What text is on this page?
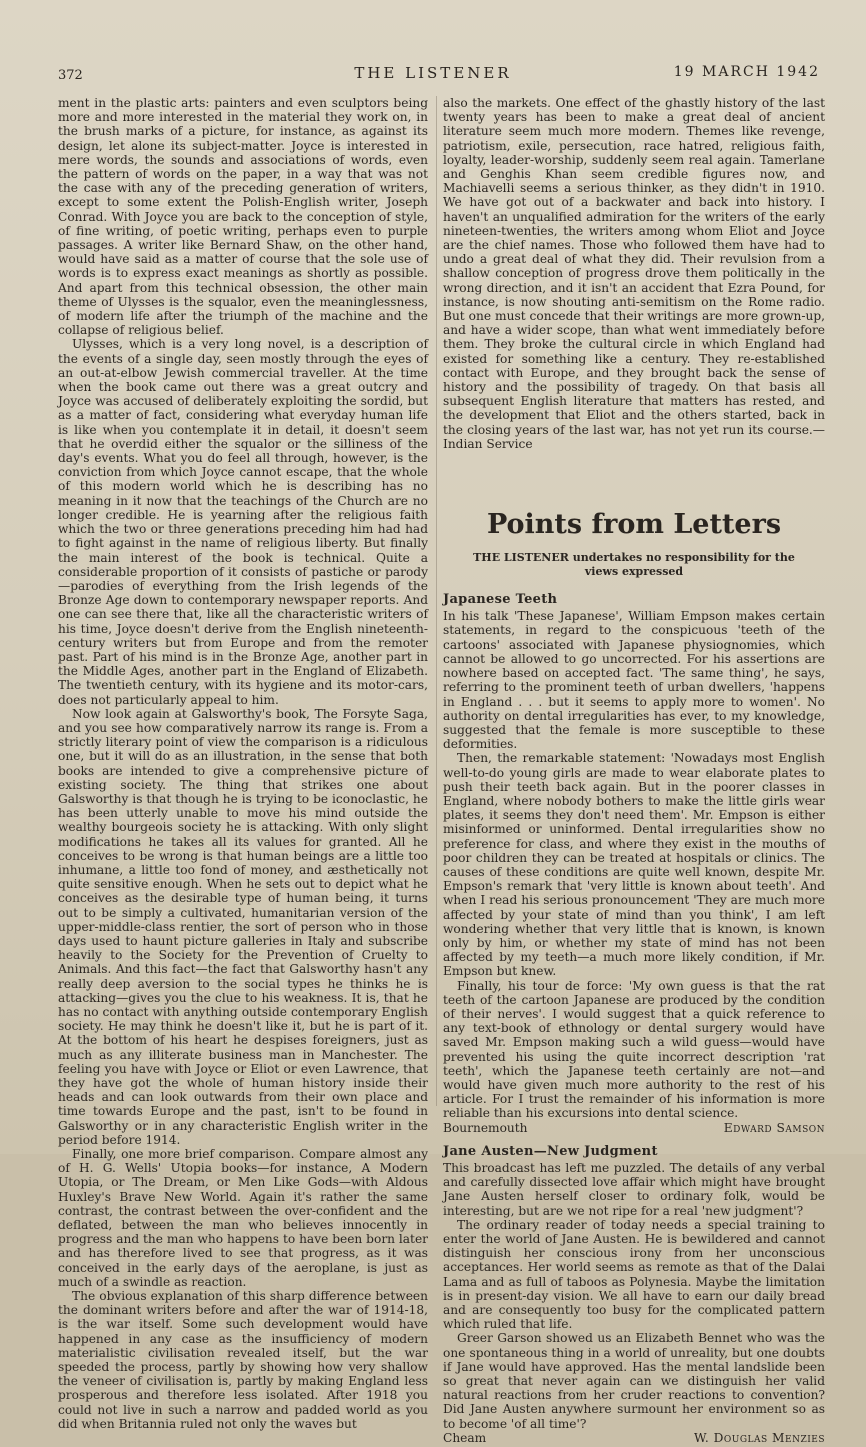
372	THE LISTENER	19 MARCH 1942

ment in the plastic arts: painters and even sculptors being more and more interested in the material they work on, in the brush marks of a picture, for instance, as against its design, let alone its subject-matter. Joyce is interested in mere words, the sounds and associations of words, even the pattern of words on the paper, in a way that was not the case with any of the preceding generation of writers, except to some extent the Polish-English writer, Joseph Conrad. With Joyce you are back to the conception of style, of fine writing, of poetic writing, perhaps even to purple passages. A writer like Bernard Shaw, on the other hand, would have said as a matter of course that the sole use of words is to express exact meanings as shortly as possible. And apart from this technical obsession, the other main theme of Ulysses is the squalor, even the meaninglessness, of modern life after the triumph of the machine and the collapse of religious belief.

Ulysses, which is a very long novel, is a description of the events of a single day, seen mostly through the eyes of an out-at-elbow Jewish commercial traveller. At the time when the book came out there was a great outcry and Joyce was accused of deliberately exploiting the sordid, but as a matter of fact, considering what everyday human life is like when you contemplate it in detail, it doesn't seem that he overdid either the squalor or the silliness of the day's events. What you do feel all through, however, is the conviction from which Joyce cannot escape, that the whole of this modern world which he is describing has no meaning in it now that the teachings of the Church are no longer credible. He is yearning after the religious faith which the two or three generations preceding him had had to fight against in the name of religious liberty. But finally the main interest of the book is technical. Quite a considerable proportion of it consists of pastiche or parody—parodies of everything from the Irish legends of the Bronze Age down to contemporary newspaper reports. And one can see there that, like all the characteristic writers of his time, Joyce doesn't derive from the English nineteenth-century writers but from Europe and from the remoter past. Part of his mind is in the Bronze Age, another part in the Middle Ages, another part in the England of Elizabeth. The twentieth century, with its hygiene and its motor-cars, does not particularly appeal to him.

Now look again at Galsworthy's book, The Forsyte Saga, and you see how comparatively narrow its range is. From a strictly literary point of view the comparison is a ridiculous one, but it will do as an illustration, in the sense that both books are intended to give a comprehensive picture of existing society. The thing that strikes one about Galsworthy is that though he is trying to be iconoclastic, he has been utterly unable to move his mind outside the wealthy bourgeois society he is attacking. With only slight modifications he takes all its values for granted. All he conceives to be wrong is that human beings are a little too inhumane, a little too fond of money, and æsthetically not quite sensitive enough. When he sets out to depict what he conceives as the desirable type of human being, it turns out to be simply a cultivated, humanitarian version of the upper-middle-class rentier, the sort of person who in those days used to haunt picture galleries in Italy and subscribe heavily to the Society for the Prevention of Cruelty to Animals. And this fact—the fact that Galsworthy hasn't any really deep aversion to the social types he thinks he is attacking—gives you the clue to his weakness. It is, that he has no contact with anything outside contemporary English society. He may think he doesn't like it, but he is part of it. At the bottom of his heart he despises foreigners, just as much as any illiterate business man in Manchester. The feeling you have with Joyce or Eliot or even Lawrence, that they have got the whole of human history inside their heads and can look outwards from their own place and time towards Europe and the past, isn't to be found in Galsworthy or in any characteristic English writer in the period before 1914.

Finally, one more brief comparison. Compare almost any of H. G. Wells' Utopia books—for instance, A Modern Utopia, or The Dream, or Men Like Gods—with Aldous Huxley's Brave New World. Again it's rather the same contrast, the contrast between the over-confident and the deflated, between the man who believes innocently in progress and the man who happens to have been born later and has therefore lived to see that progress, as it was conceived in the early days of the aeroplane, is just as much of a swindle as reaction.

The obvious explanation of this sharp difference between the dominant writers before and after the war of 1914-18, is the war itself. Some such development would have happened in any case as the insufficiency of modern materialistic civilisation revealed itself, but the war speeded the process, partly by showing how very shallow the veneer of civilisation is, partly by making England less prosperous and therefore less isolated. After 1918 you could not live in such a narrow and padded world as you did when Britannia ruled not only the waves but

also the markets. One effect of the ghastly history of the last twenty years has been to make a great deal of ancient literature seem much more modern. Themes like revenge, patriotism, exile, persecution, race hatred, religious faith, loyalty, leader-worship, suddenly seem real again. Tamerlane and Genghis Khan seem credible figures now, and Machiavelli seems a serious thinker, as they didn't in 1910. We have got out of a backwater and back into history. I haven't an unqualified admiration for the writers of the early nineteen-twenties, the writers among whom Eliot and Joyce are the chief names. Those who followed them have had to undo a great deal of what they did. Their revulsion from a shallow conception of progress drove them politically in the wrong direction, and it isn't an accident that Ezra Pound, for instance, is now shouting anti-semitism on the Rome radio. But one must concede that their writings are more grown-up, and have a wider scope, than what went immediately before them. They broke the cultural circle in which England had existed for something like a century. They re-established contact with Europe, and they brought back the sense of history and the possibility of tragedy. On that basis all subsequent English literature that matters has rested, and the development that Eliot and the others started, back in the closing years of the last war, has not yet run its course.—Indian Service

Points from Letters
THE LISTENER undertakes no responsibility for the views expressed
Japanese Teeth

In his talk 'These Japanese', William Empson makes certain statements, in regard to the conspicuous 'teeth of the cartoons' associated with Japanese physiognomies, which cannot be allowed to go uncorrected. For his assertions are nowhere based on accepted fact. 'The same thing', he says, referring to the prominent teeth of urban dwellers, 'happens in England . . . but it seems to apply more to women'. No authority on dental irregularities has ever, to my knowledge, suggested that the female is more susceptible to these deformities.

Then, the remarkable statement: 'Nowadays most English well-to-do young girls are made to wear elaborate plates to push their teeth back again. But in the poorer classes in England, where nobody bothers to make the little girls wear plates, it seems they don't need them'. Mr. Empson is either misinformed or uninformed. Dental irregularities show no preference for class, and where they exist in the mouths of poor children they can be treated at hospitals or clinics. The causes of these conditions are quite well known, despite Mr. Empson's remark that 'very little is known about teeth'. And when I read his serious pronouncement 'They are much more affected by your state of mind than you think', I am left wondering whether that very little that is known, is known only by him, or whether my state of mind has not been affected by my teeth—a much more likely condition, if Mr. Empson but knew.

Finally, his tour de force: 'My own guess is that the rat teeth of the cartoon Japanese are produced by the condition of their nerves'. I would suggest that a quick reference to any text-book of ethnology or dental surgery would have saved Mr. Empson making such a wild guess—would have prevented his using the quite incorrect description 'rat teeth', which the Japanese teeth certainly are not—and would have given much more authority to the rest of his article. For I trust the remainder of his information is more reliable than his excursions into dental science.

Bournemouth	Edward Samson
Jane Austen—New Judgment

This broadcast has left me puzzled. The details of any verbal and carefully dissected love affair which might have brought Jane Austen herself closer to ordinary folk, would be interesting, but are we not ripe for a real 'new judgment'?

The ordinary reader of today needs a special training to enter the world of Jane Austen. He is bewildered and cannot distinguish her conscious irony from her unconscious acceptances. Her world seems as remote as that of the Dalai Lama and as full of taboos as Polynesia. Maybe the limitation is in present-day vision. We all have to earn our daily bread and are consequently too busy for the complicated pattern which ruled that life.

Greer Garson showed us an Elizabeth Bennet who was the one spontaneous thing in a world of unreality, but one doubts if Jane would have approved. Has the mental landslide been so great that never again can we distinguish her valid natural reactions from her cruder reactions to convention? Did Jane Austen anywhere surmount her environment so as to become 'of all time'?

Cheam	W. Douglas Menzies
